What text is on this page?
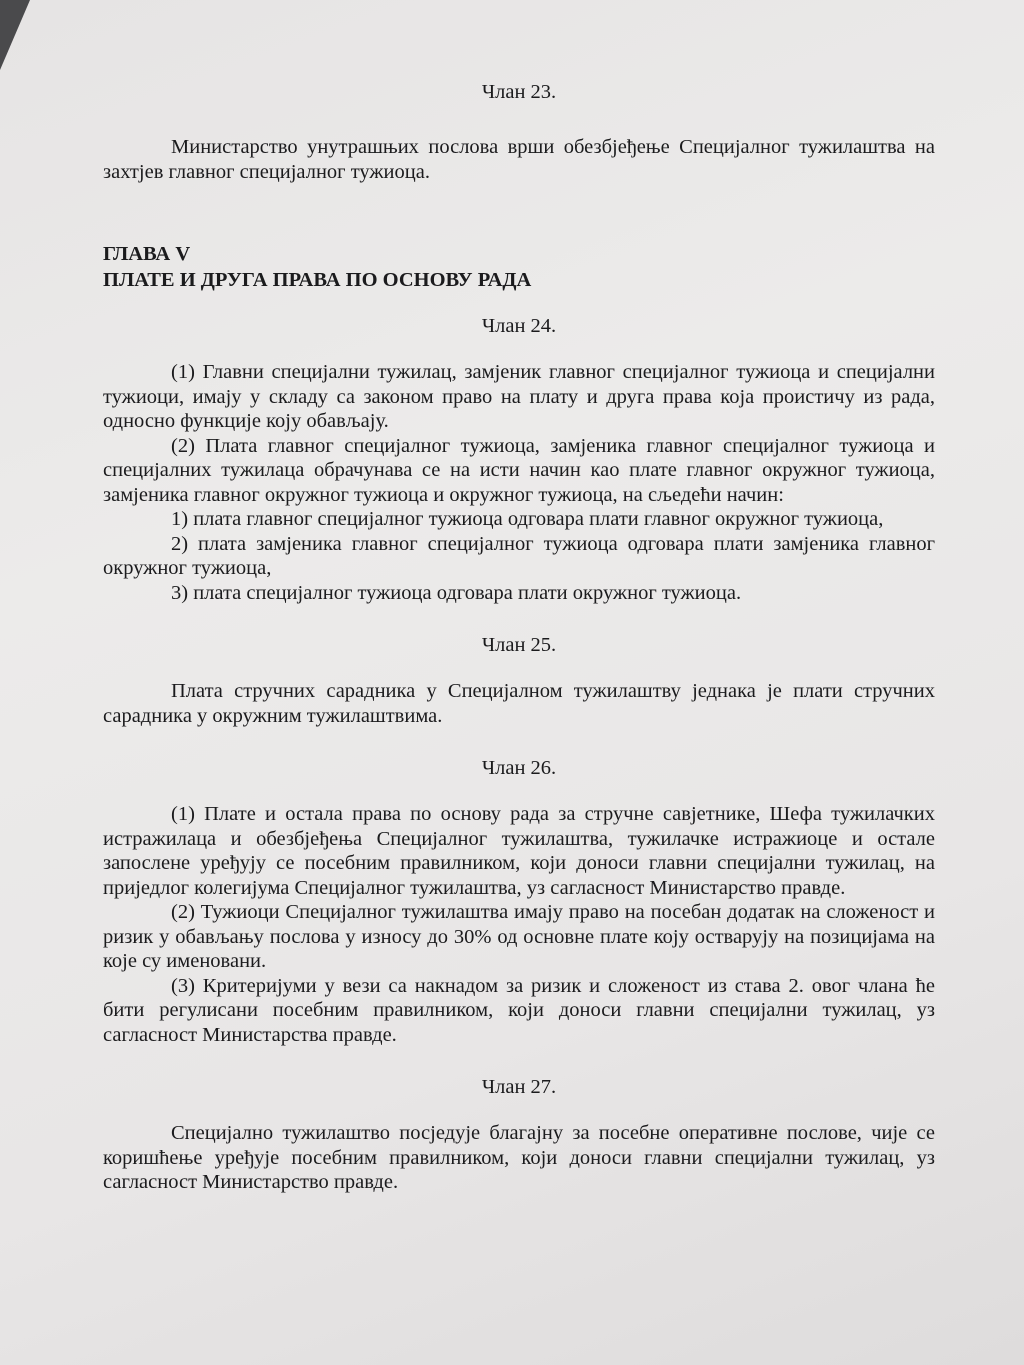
Члан 23.

Министарство унутрашњих послова врши обезбјеђење Специјалног тужилаштва на захтјев главног специјалног тужиоца.

ГЛАВА V

ПЛАТЕ И ДРУГА ПРАВА ПО ОСНОВУ РАДА

Члан 24.

(1) Главни специјални тужилац, замјеник главног специјалног тужиоца и специјални тужиоци, имају у складу са законом право на плату и друга права која проистичу из рада, односно функције коју обављају.

(2) Плата главног специјалног тужиоца, замјеника главног специјалног тужиоца и специјалних тужилаца обрачунава се на исти начин као плате главног окружног тужиоца, замјеника главног окружног тужиоца и окружног тужиоца, на сљедећи начин:

1) плата главног специјалног тужиоца одговара плати главног окружног тужиоца,

2) плата замјеника главног специјалног тужиоца одговара плати замјеника главног окружног тужиоца,

3) плата специјалног тужиоца одговара плати окружног тужиоца.

Члан 25.

Плата стручних сарадника у Специјалном тужилаштву једнака је плати стручних сарадника у окружним тужилаштвима.

Члан 26.

(1) Плате и остала права по основу рада за стручне савјетнике, Шефа тужилачких истражилаца и обезбјеђења Специјалног тужилаштва, тужилачке истражиоце и остале запослене уређују се посебним правилником, који доноси главни специјални тужилац, на приједлог колегијума Специјалног тужилаштва, уз сагласност Министарство правде.

(2) Тужиоци Специјалног тужилаштва имају право на посебан додатак на сложеност и ризик у обављању послова у износу до 30% од основне плате коју остварују на позицијама на које су именовани.

(3) Критеријуми у вези са накнадом за ризик и сложеност из става 2. овог члана ће бити регулисани посебним правилником, који доноси главни специјални тужилац, уз сагласност Министарства правде.

Члан 27.

Специјално тужилаштво посједује благајну за посебне оперативне послове, чије се коришћење уређује посебним правилником, који доноси главни специјални тужилац, уз сагласност Министарство правде.
